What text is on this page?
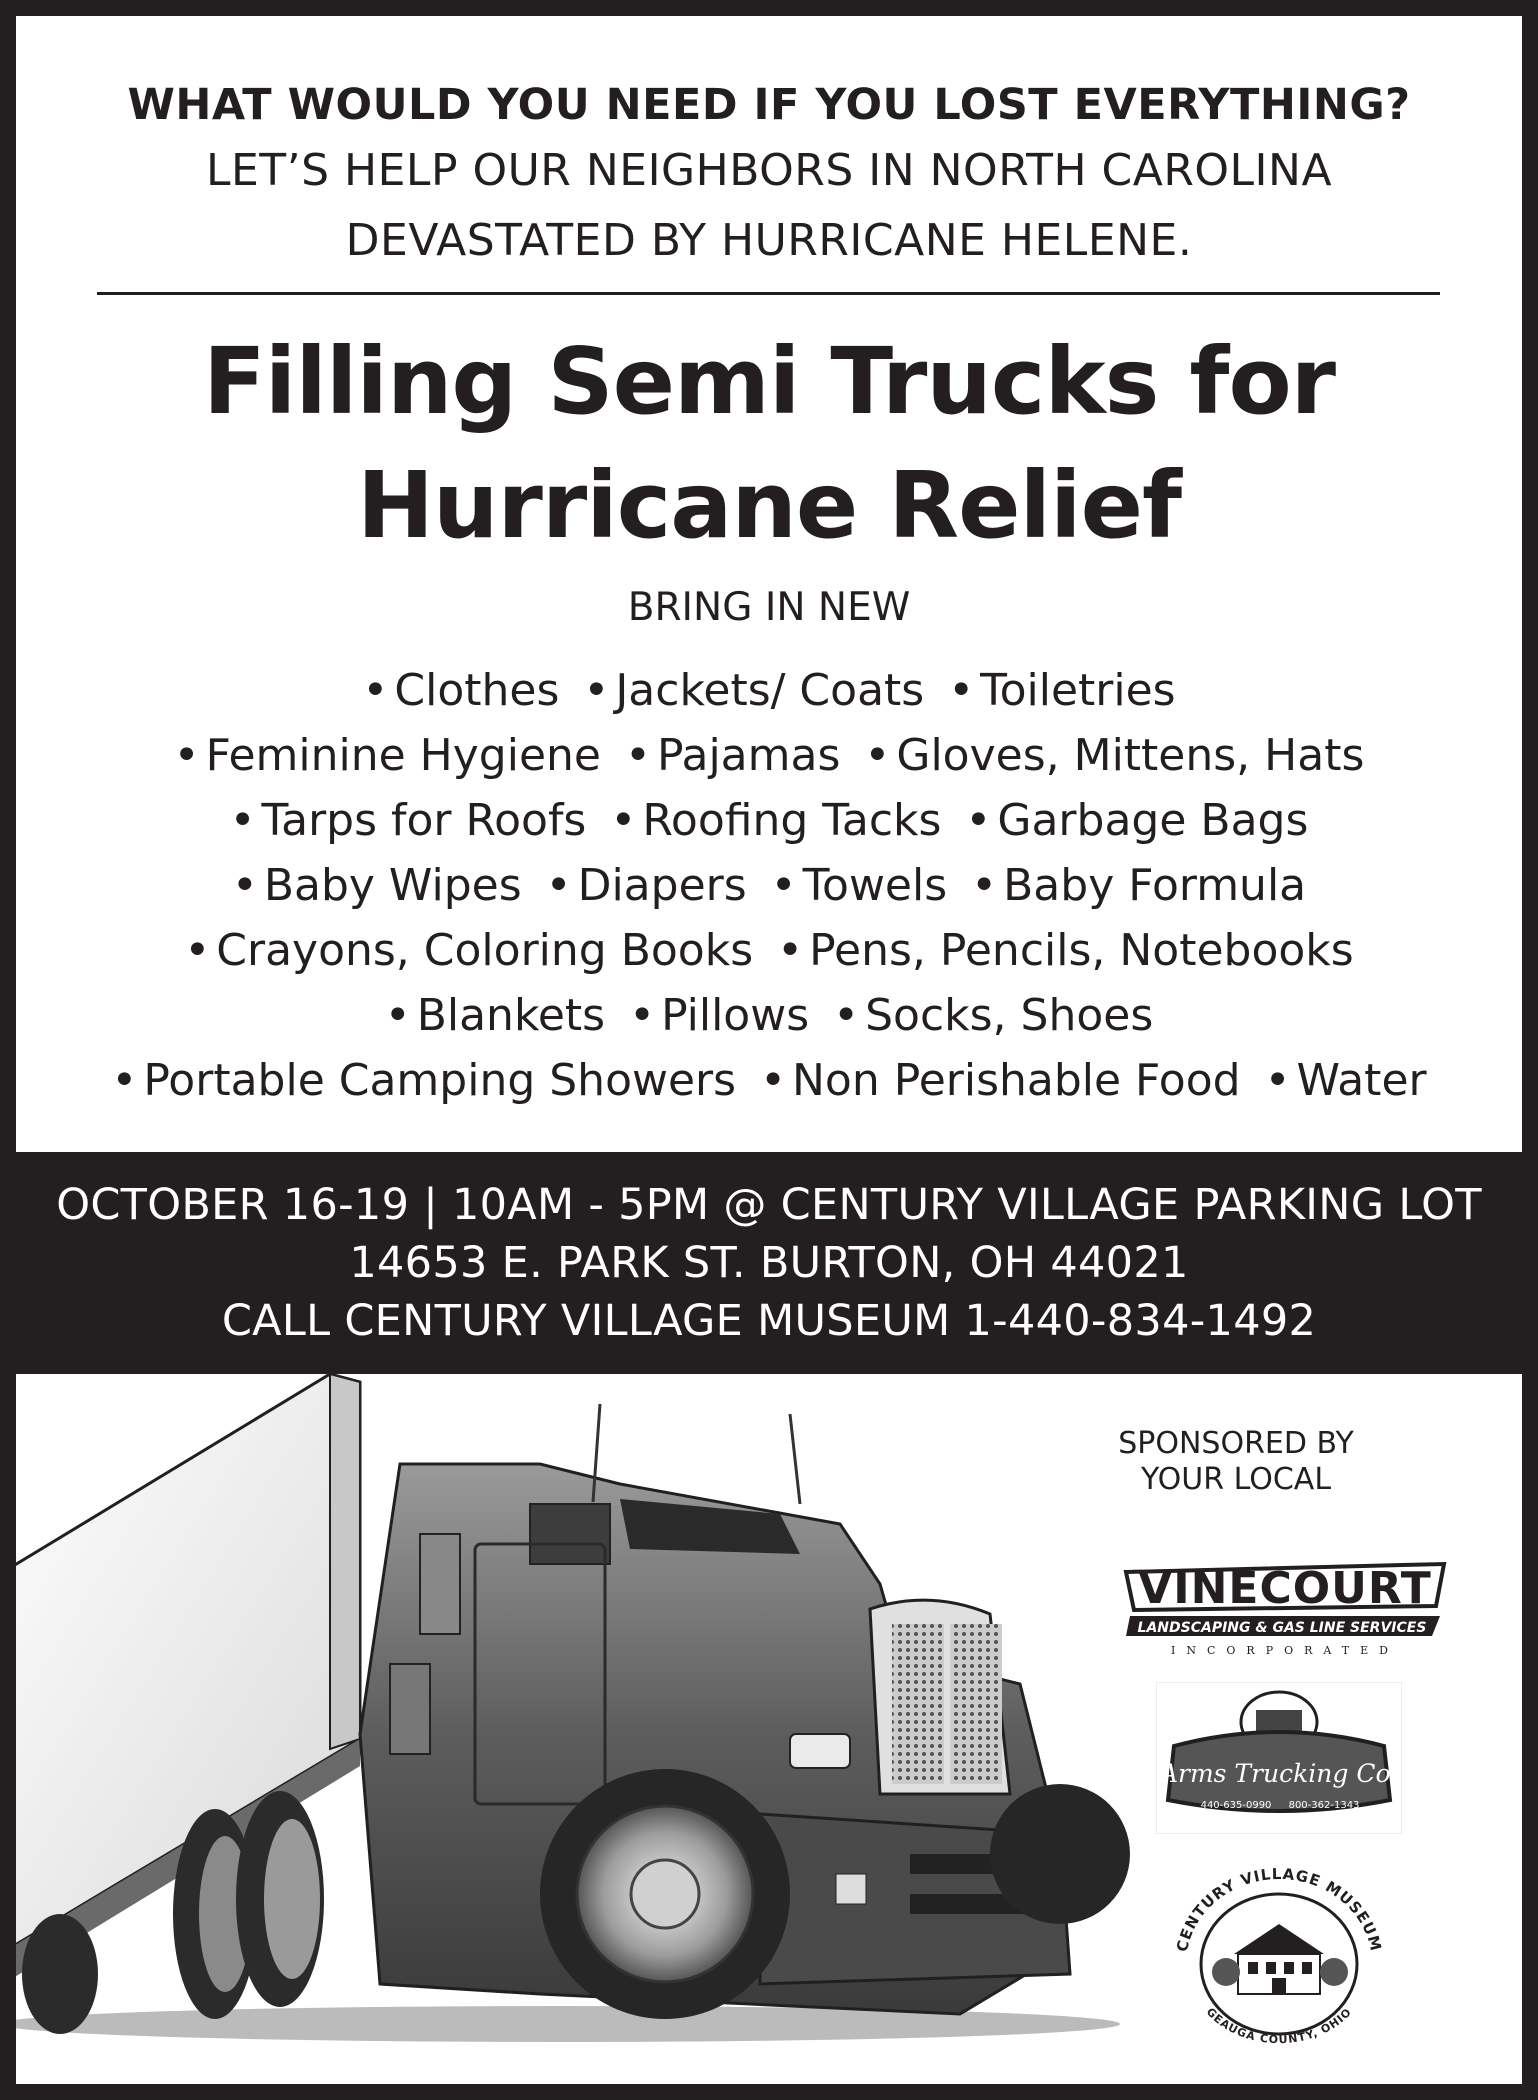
WHAT WOULD YOU NEED IF YOU LOST EVERYTHING?
LET’S HELP OUR NEIGHBORS IN NORTH CAROLINA
DEVASTATED BY HURRICANE HELENE.
Filling Semi Trucks for
Hurricane Relief
BRING IN NEW
• Clothes • Jackets/ Coats • Toiletries
• Feminine Hygiene • Pajamas • Gloves, Mittens, Hats
• Tarps for Roofs • Roofing Tacks • Garbage Bags
• Baby Wipes • Diapers • Towels • Baby Formula
• Crayons, Coloring Books • Pens, Pencils, Notebooks
• Blankets • Pillows • Socks, Shoes
• Portable Camping Showers • Non Perishable Food • Water
OCTOBER 16-19 | 10AM - 5PM @ CENTURY VILLAGE PARKING LOT
14653 E. PARK ST. BURTON, OH 44021
CALL CENTURY VILLAGE MUSEUM 1-440-834-1492
SPONSORED BY
YOUR LOCAL
VINECOURT
LANDSCAPING & GAS LINE SERVICES
INCORPORATED
Arms Trucking Co.
440-635-0990 800-362-1343
CENTURY VILLAGE MUSEUM
GEAUGA COUNTY, OHIO
